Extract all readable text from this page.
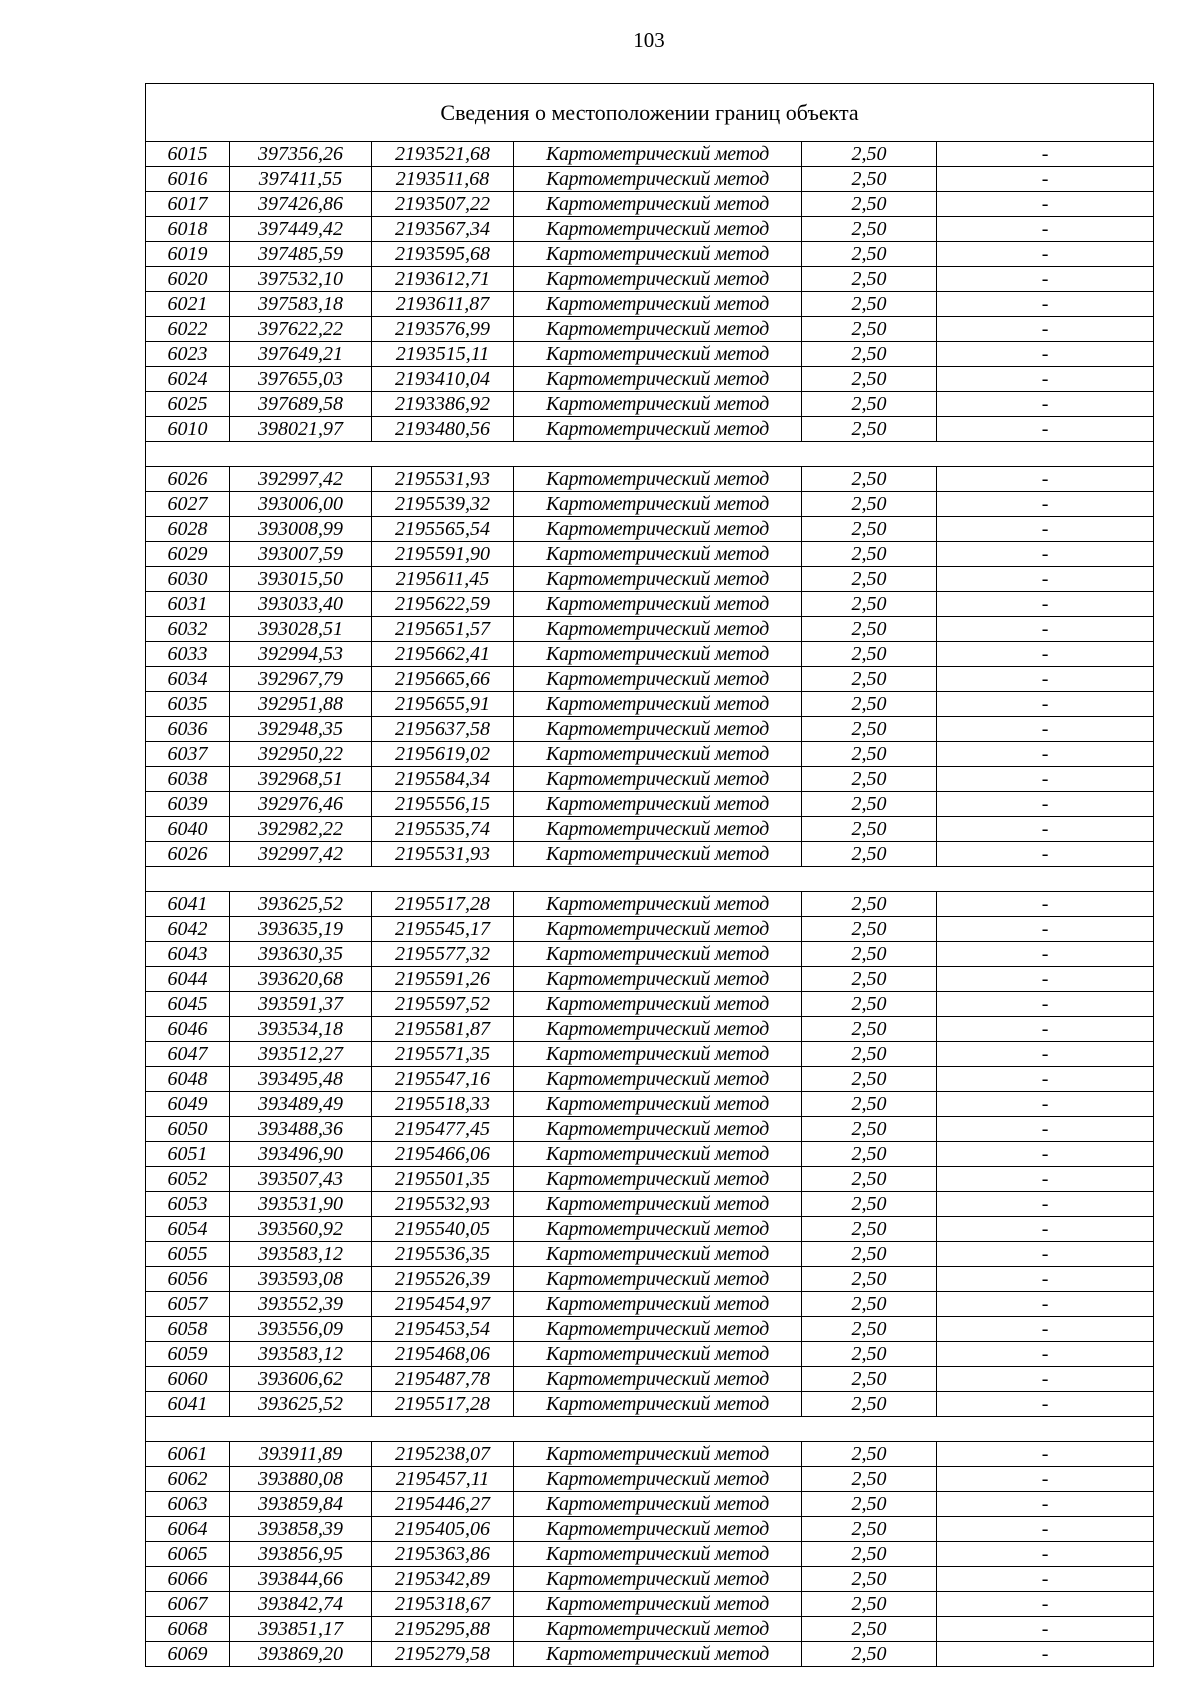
103
Сведения о местоположении границ объекта					
6015	397356,26	2193521,68	Картометрический метод	2,50	-
6016	397411,55	2193511,68	Картометрический метод	2,50	-
6017	397426,86	2193507,22	Картометрический метод	2,50	-
6018	397449,42	2193567,34	Картометрический метод	2,50	-
6019	397485,59	2193595,68	Картометрический метод	2,50	-
6020	397532,10	2193612,71	Картометрический метод	2,50	-
6021	397583,18	2193611,87	Картометрический метод	2,50	-
6022	397622,22	2193576,99	Картометрический метод	2,50	-
6023	397649,21	2193515,11	Картометрический метод	2,50	-
6024	397655,03	2193410,04	Картометрический метод	2,50	-
6025	397689,58	2193386,92	Картометрический метод	2,50	-
6010	398021,97	2193480,56	Картометрический метод	2,50	-

6026	392997,42	2195531,93	Картометрический метод	2,50	-
6027	393006,00	2195539,32	Картометрический метод	2,50	-
6028	393008,99	2195565,54	Картометрический метод	2,50	-
6029	393007,59	2195591,90	Картометрический метод	2,50	-
6030	393015,50	2195611,45	Картометрический метод	2,50	-
6031	393033,40	2195622,59	Картометрический метод	2,50	-
6032	393028,51	2195651,57	Картометрический метод	2,50	-
6033	392994,53	2195662,41	Картометрический метод	2,50	-
6034	392967,79	2195665,66	Картометрический метод	2,50	-
6035	392951,88	2195655,91	Картометрический метод	2,50	-
6036	392948,35	2195637,58	Картометрический метод	2,50	-
6037	392950,22	2195619,02	Картометрический метод	2,50	-
6038	392968,51	2195584,34	Картометрический метод	2,50	-
6039	392976,46	2195556,15	Картометрический метод	2,50	-
6040	392982,22	2195535,74	Картометрический метод	2,50	-
6026	392997,42	2195531,93	Картометрический метод	2,50	-

6041	393625,52	2195517,28	Картометрический метод	2,50	-
6042	393635,19	2195545,17	Картометрический метод	2,50	-
6043	393630,35	2195577,32	Картометрический метод	2,50	-
6044	393620,68	2195591,26	Картометрический метод	2,50	-
6045	393591,37	2195597,52	Картометрический метод	2,50	-
6046	393534,18	2195581,87	Картометрический метод	2,50	-
6047	393512,27	2195571,35	Картометрический метод	2,50	-
6048	393495,48	2195547,16	Картометрический метод	2,50	-
6049	393489,49	2195518,33	Картометрический метод	2,50	-
6050	393488,36	2195477,45	Картометрический метод	2,50	-
6051	393496,90	2195466,06	Картометрический метод	2,50	-
6052	393507,43	2195501,35	Картометрический метод	2,50	-
6053	393531,90	2195532,93	Картометрический метод	2,50	-
6054	393560,92	2195540,05	Картометрический метод	2,50	-
6055	393583,12	2195536,35	Картометрический метод	2,50	-
6056	393593,08	2195526,39	Картометрический метод	2,50	-
6057	393552,39	2195454,97	Картометрический метод	2,50	-
6058	393556,09	2195453,54	Картометрический метод	2,50	-
6059	393583,12	2195468,06	Картометрический метод	2,50	-
6060	393606,62	2195487,78	Картометрический метод	2,50	-
6041	393625,52	2195517,28	Картометрический метод	2,50	-

6061	393911,89	2195238,07	Картометрический метод	2,50	-
6062	393880,08	2195457,11	Картометрический метод	2,50	-
6063	393859,84	2195446,27	Картометрический метод	2,50	-
6064	393858,39	2195405,06	Картометрический метод	2,50	-
6065	393856,95	2195363,86	Картометрический метод	2,50	-
6066	393844,66	2195342,89	Картометрический метод	2,50	-
6067	393842,74	2195318,67	Картометрический метод	2,50	-
6068	393851,17	2195295,88	Картометрический метод	2,50	-
6069	393869,20	2195279,58	Картометрический метод	2,50	-
